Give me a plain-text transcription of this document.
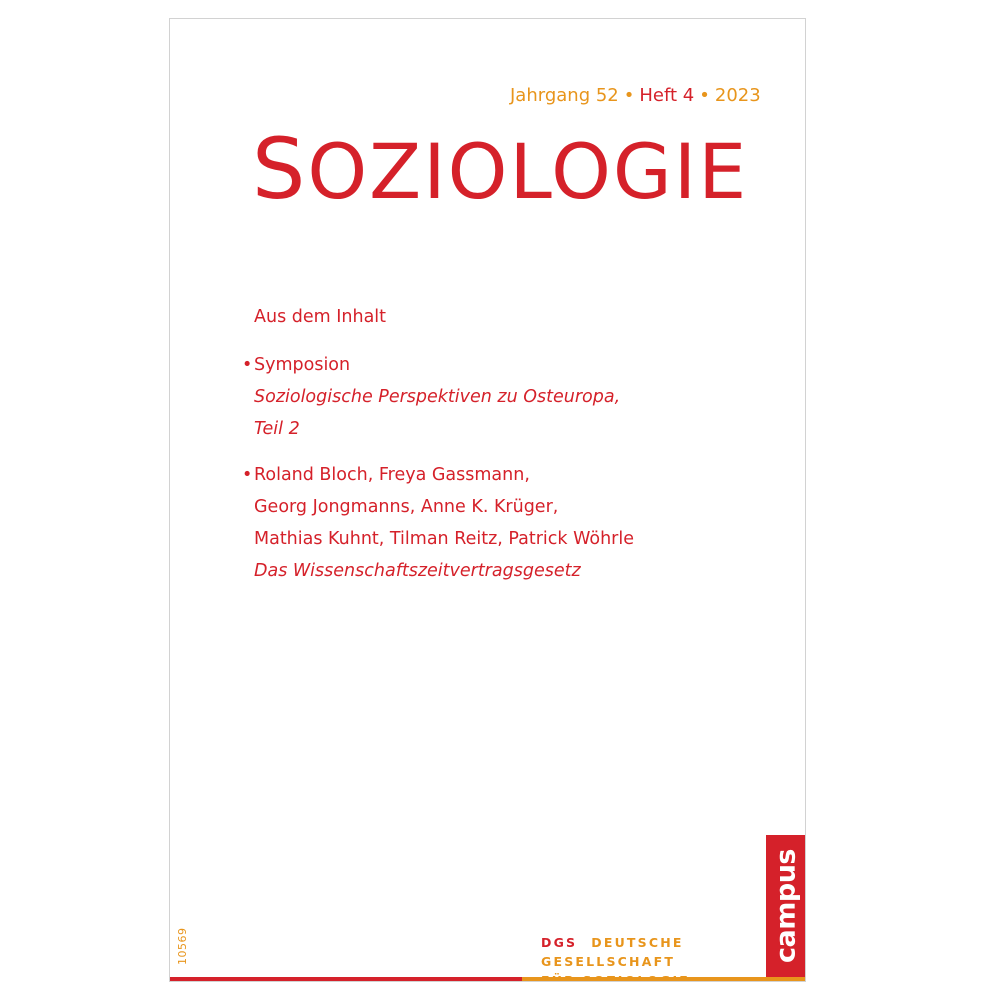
Jahrgang 52 • Heft 4 • 2023
SOZIOLOGIE
Aus dem Inhalt
• Symposion
Soziologische Perspektiven zu Osteuropa,
Teil 2
• Roland Bloch, Freya Gassmann,
Georg Jongmanns, Anne K. Krüger,
Mathias Kuhnt, Tilman Reitz, Patrick Wöhrle
Das Wissenschaftszeitvertragsgesetz
10569	DGS DEUTSCHE
GESELLSCHAFT	campus
